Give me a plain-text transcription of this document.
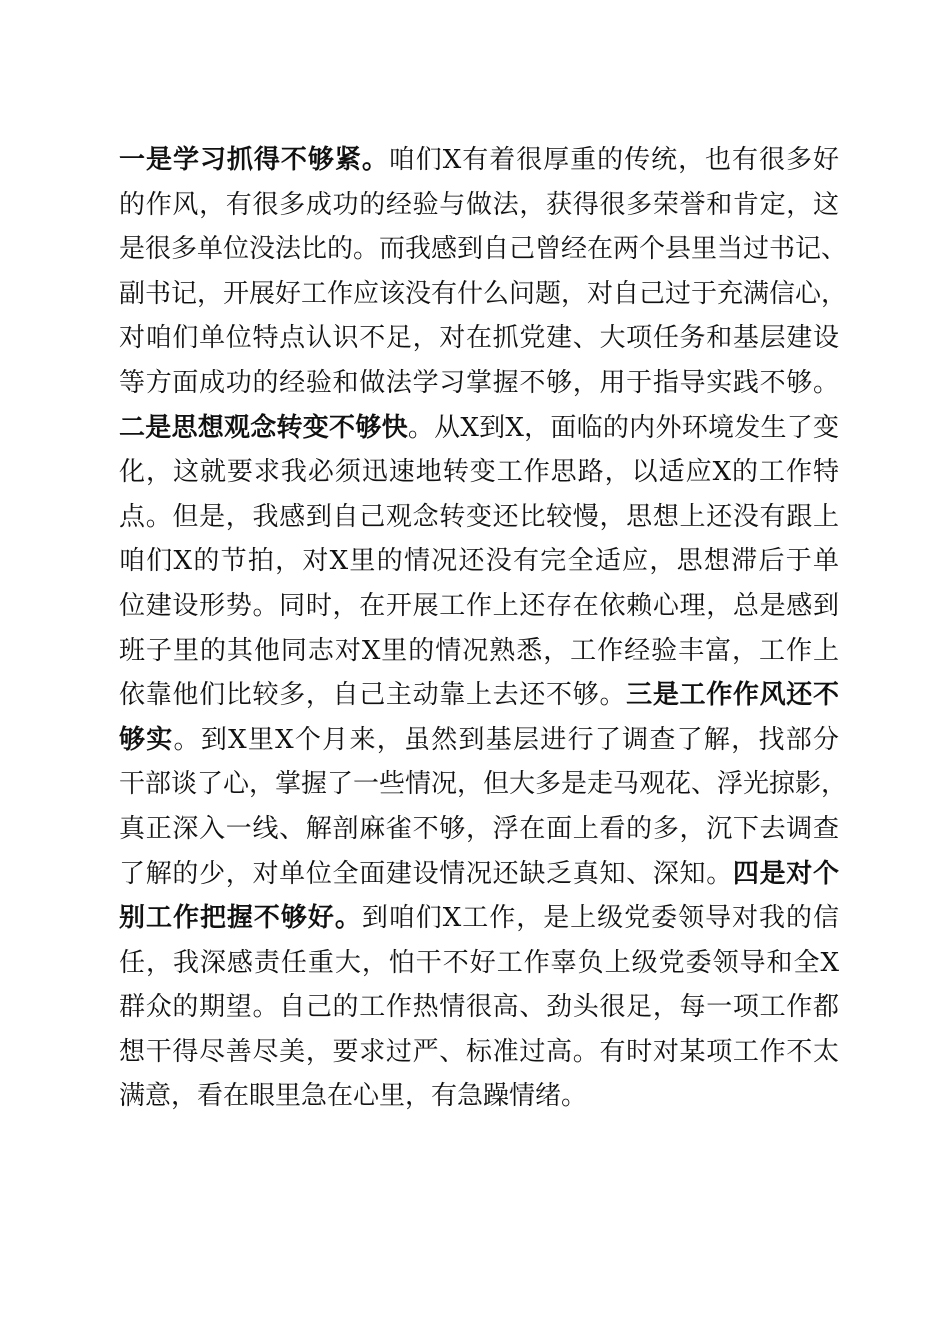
一是学习抓得不够紧。咱们X有着很厚重的传统，也有很多好
的作风，有很多成功的经验与做法，获得很多荣誉和肯定，这
是很多单位没法比的。而我感到自己曾经在两个县里当过书记、
副书记，开展好工作应该没有什么问题，对自己过于充满信心，
对咱们单位特点认识不足，对在抓党建、大项任务和基层建设
等方面成功的经验和做法学习掌握不够，用于指导实践不够。
二是思想观念转变不够快。从X到X，面临的内外环境发生了变
化，这就要求我必须迅速地转变工作思路，以适应X的工作特
点。但是，我感到自己观念转变还比较慢，思想上还没有跟上
咱们X的节拍，对X里的情况还没有完全适应，思想滞后于单
位建设形势。同时，在开展工作上还存在依赖心理，总是感到
班子里的其他同志对X里的情况熟悉，工作经验丰富，工作上
依靠他们比较多，自己主动靠上去还不够。三是工作作风还不
够实。到X里X个月来，虽然到基层进行了调查了解，找部分
干部谈了心，掌握了一些情况，但大多是走马观花、浮光掠影，
真正深入一线、解剖麻雀不够，浮在面上看的多，沉下去调查
了解的少，对单位全面建设情况还缺乏真知、深知。四是对个
别工作把握不够好。到咱们X工作，是上级党委领导对我的信
任，我深感责任重大，怕干不好工作辜负上级党委领导和全X
群众的期望。自己的工作热情很高、劲头很足，每一项工作都
想干得尽善尽美，要求过严、标准过高。有时对某项工作不太
满意，看在眼里急在心里，有急躁情绪。
